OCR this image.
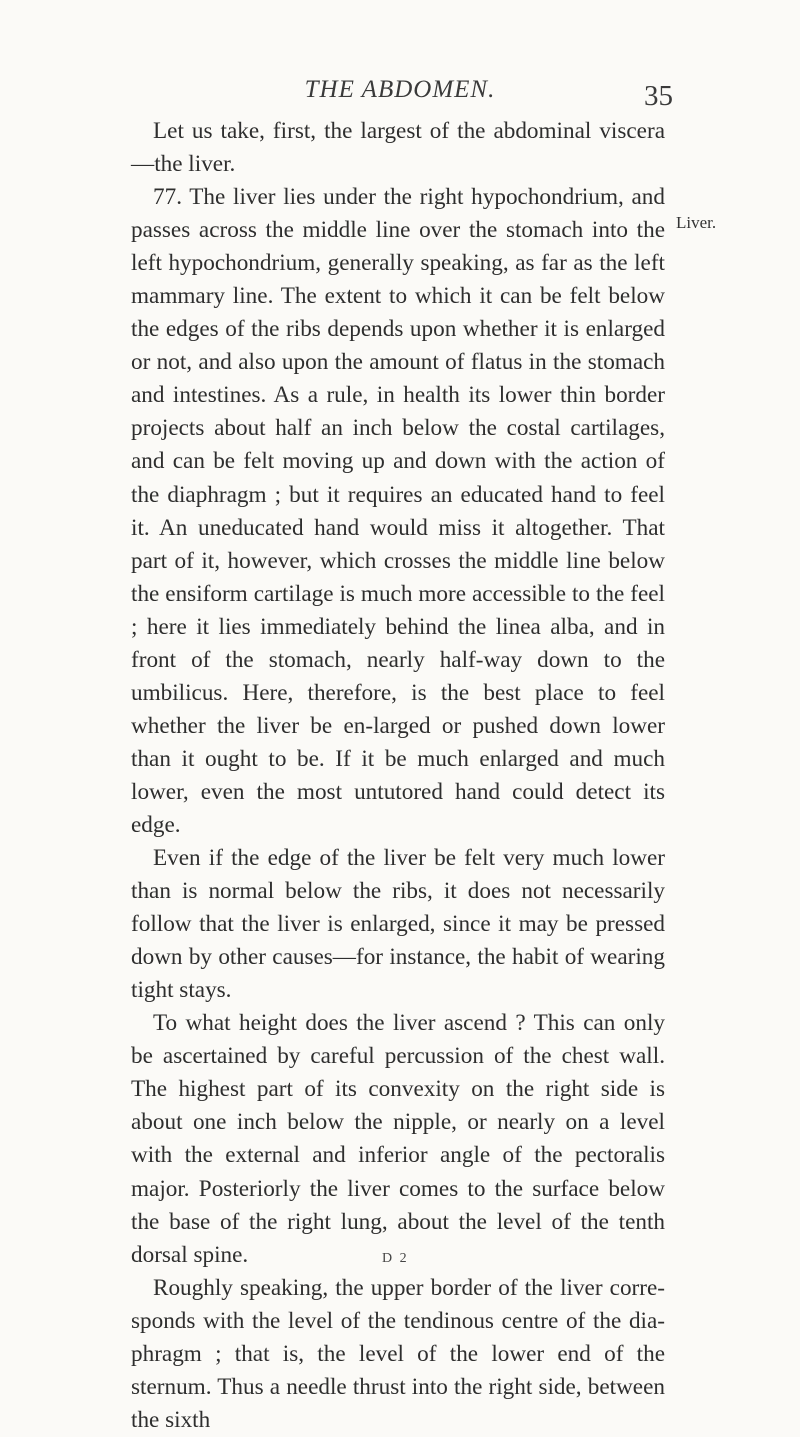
THE ABDOMEN.	35

Let us take, first, the largest of the abdominal viscera—the liver.

77. The liver lies under the right hypochondrium, and passes across the middle line over the stomach into the left hypochondrium, generally speaking, as far as the left mammary line. The extent to which it can be felt below the edges of the ribs depends upon whether it is enlarged or not, and also upon the amount of flatus in the stomach and intestines. As a rule, in health its lower thin border projects about half an inch below the costal cartilages, and can be felt moving up and down with the action of the diaphragm ; but it requires an educated hand to feel it. An uneducated hand would miss it altogether. That part of it, however, which crosses the middle line below the ensiform cartilage is much more accessible to the feel ; here it lies immediately behind the linea alba, and in front of the stomach, nearly half-way down to the umbilicus. Here, therefore, is the best place to feel whether the liver be en-larged or pushed down lower than it ought to be. If it be much enlarged and much lower, even the most untutored hand could detect its edge.

Even if the edge of the liver be felt very much lower than is normal below the ribs, it does not necessarily follow that the liver is enlarged, since it may be pressed down by other causes—for instance, the habit of wearing tight stays.

To what height does the liver ascend ? This can only be ascertained by careful percussion of the chest wall. The highest part of its convexity on the right side is about one inch below the nipple, or nearly on a level with the external and inferior angle of the pectoralis major. Posteriorly the liver comes to the surface below the base of the right lung, about the level of the tenth dorsal spine.

Roughly speaking, the upper border of the liver corre-sponds with the level of the tendinous centre of the dia-phragm ; that is, the level of the lower end of the sternum. Thus a needle thrust into the right side, between the sixth

Liver.
D 2
